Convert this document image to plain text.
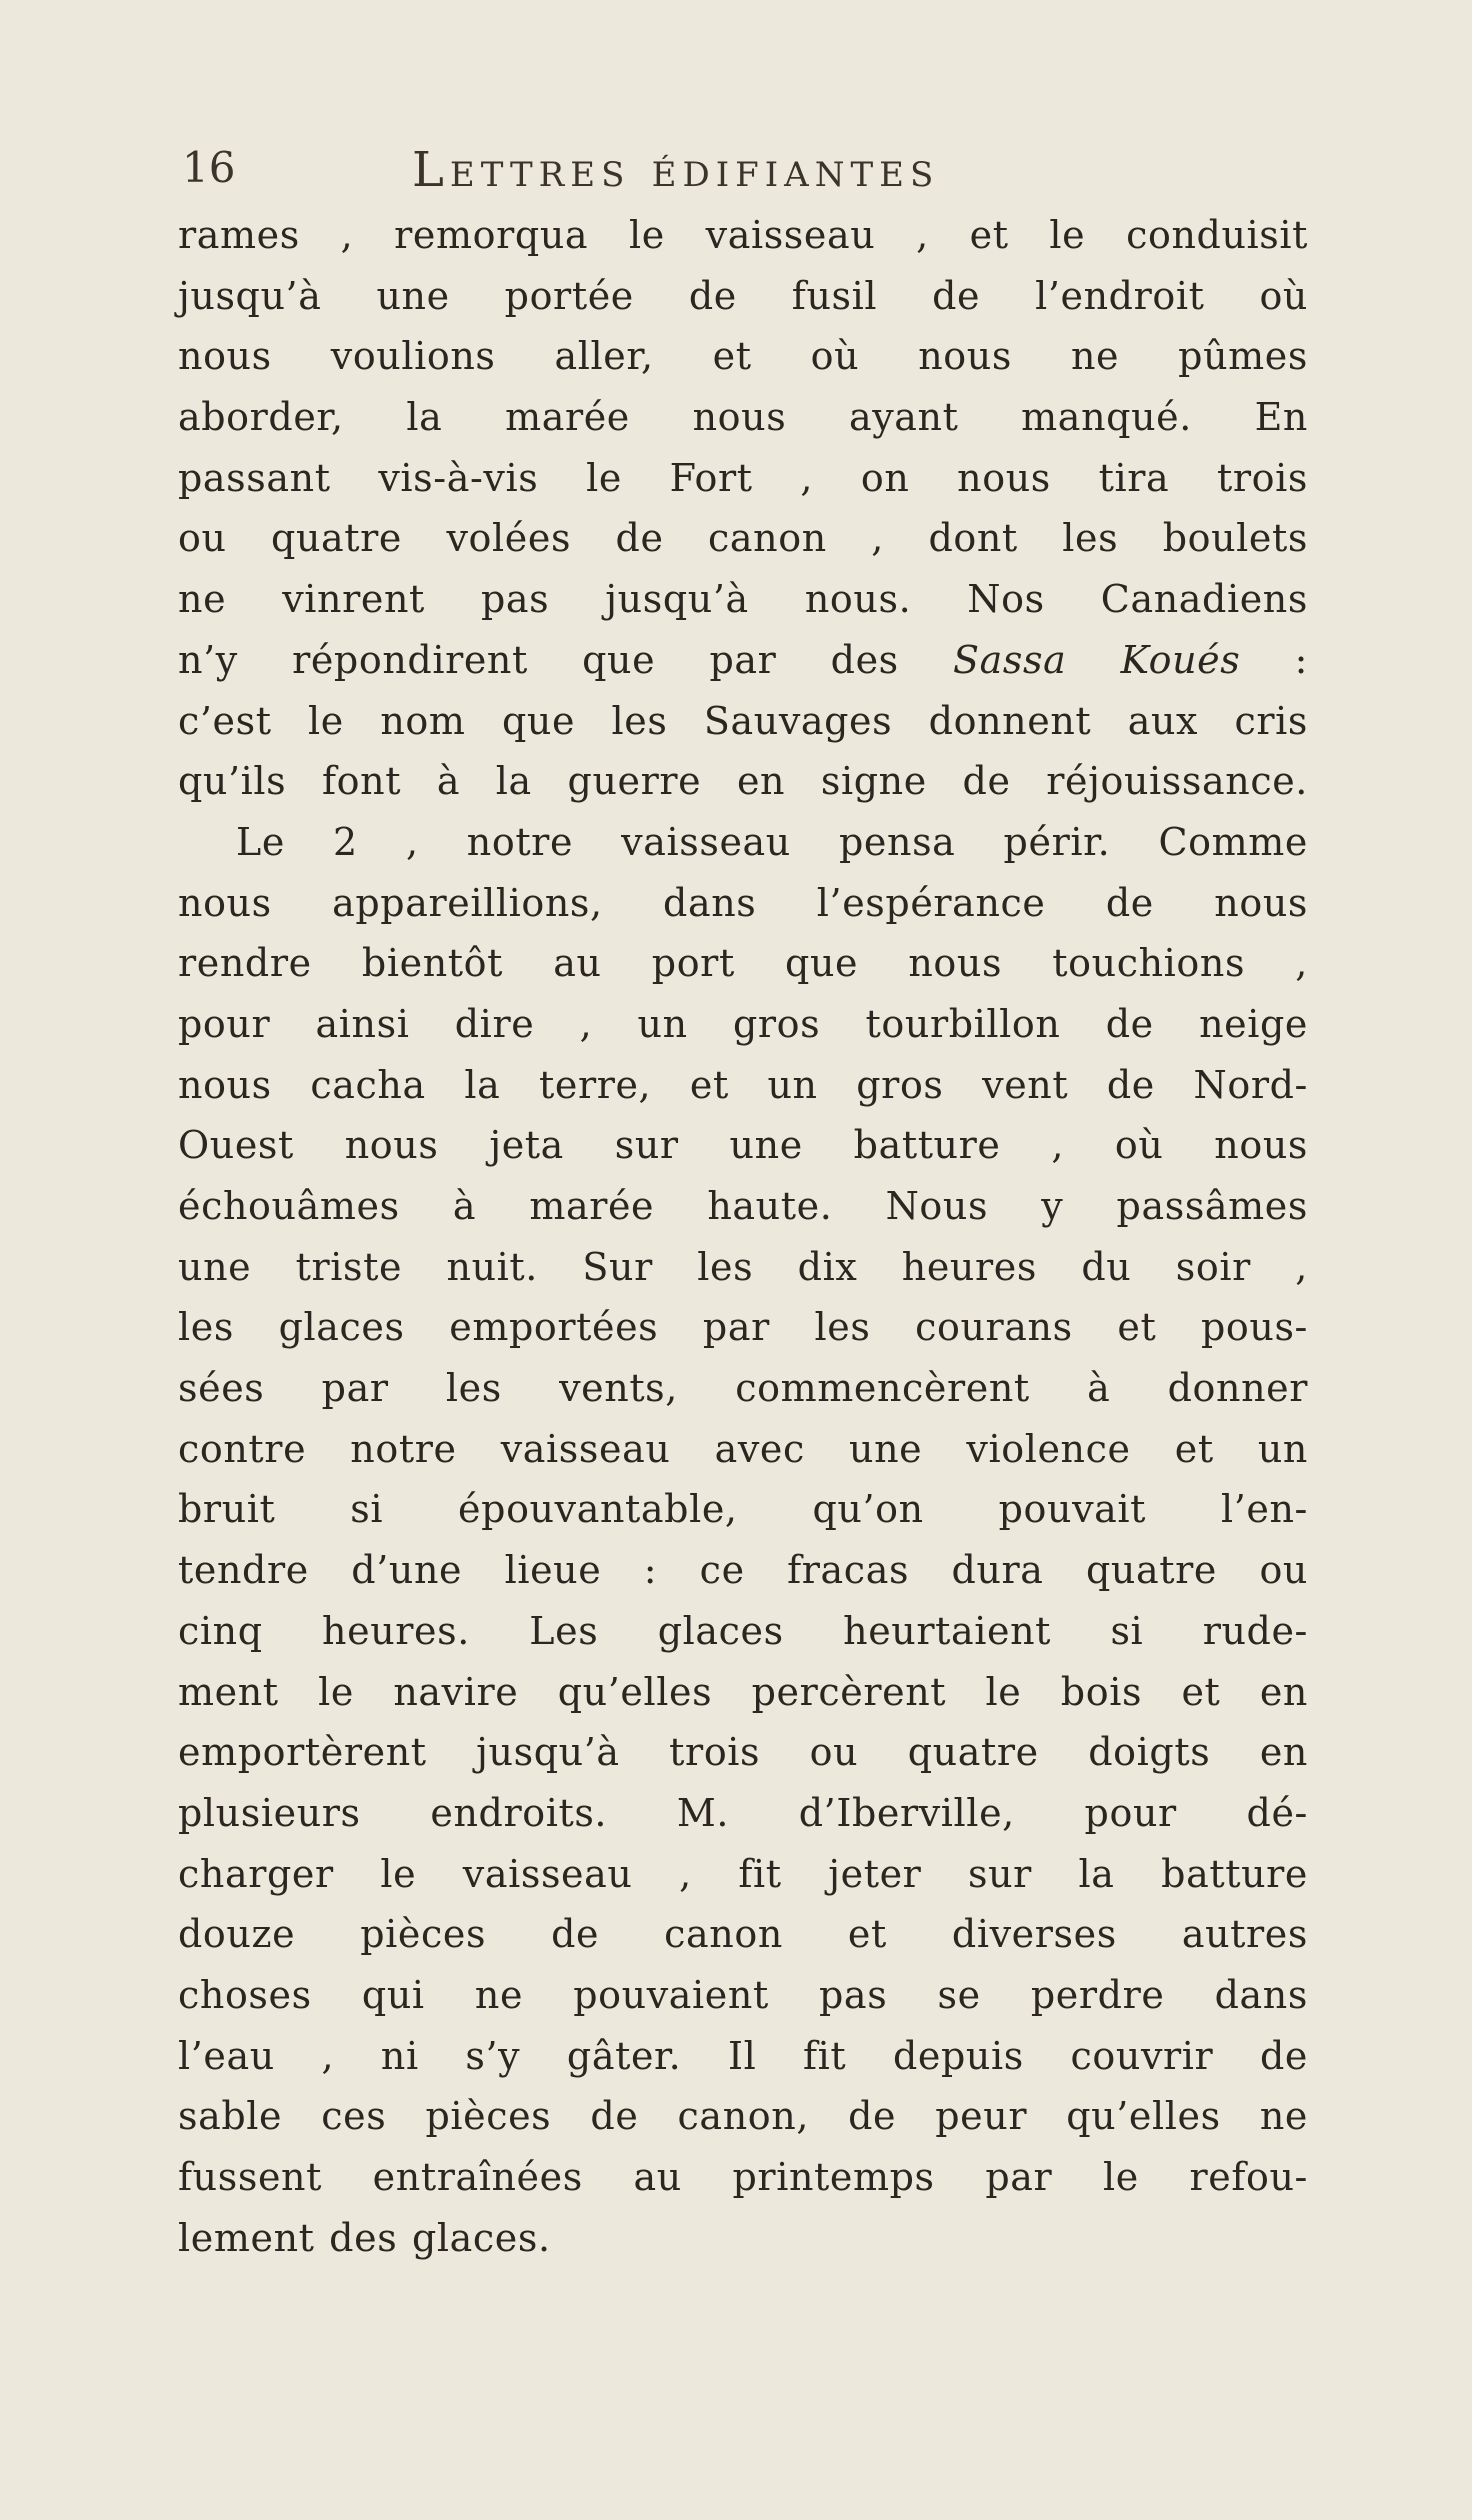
16	Lettres édifiantes
rames , remorqua le vaisseau , et le conduisit
jusqu’à une portée de fusil de l’endroit où
nous voulions aller, et où nous ne pûmes
aborder, la marée nous ayant manqué. En
passant vis-à-vis le Fort , on nous tira trois
ou quatre volées de canon , dont les boulets
ne vinrent pas jusqu’à nous. Nos Canadiens
n’y répondirent que par des Sassa Koués :
c’est le nom que les Sauvages donnent aux cris
qu’ils font à la guerre en signe de réjouissance.
Le 2 , notre vaisseau pensa périr. Comme
nous appareillions, dans l’espérance de nous
rendre bientôt au port que nous touchions ,
pour ainsi dire , un gros tourbillon de neige
nous cacha la terre, et un gros vent de Nord-
Ouest nous jeta sur une batture , où nous
échouâmes à marée haute. Nous y passâmes
une triste nuit. Sur les dix heures du soir ,
les glaces emportées par les courans et pous-
sées par les vents, commencèrent à donner
contre notre vaisseau avec une violence et un
bruit si épouvantable, qu’on pouvait l’en-
tendre d’une lieue : ce fracas dura quatre ou
cinq heures. Les glaces heurtaient si rude-
ment le navire qu’elles percèrent le bois et en
emportèrent jusqu’à trois ou quatre doigts en
plusieurs endroits. M. d’Iberville, pour dé-
charger le vaisseau , fit jeter sur la batture
douze pièces de canon et diverses autres
choses qui ne pouvaient pas se perdre dans
l’eau , ni s’y gâter. Il fit depuis couvrir de
sable ces pièces de canon, de peur qu’elles ne
fussent entraînées au printemps par le refou-
lement des glaces.
